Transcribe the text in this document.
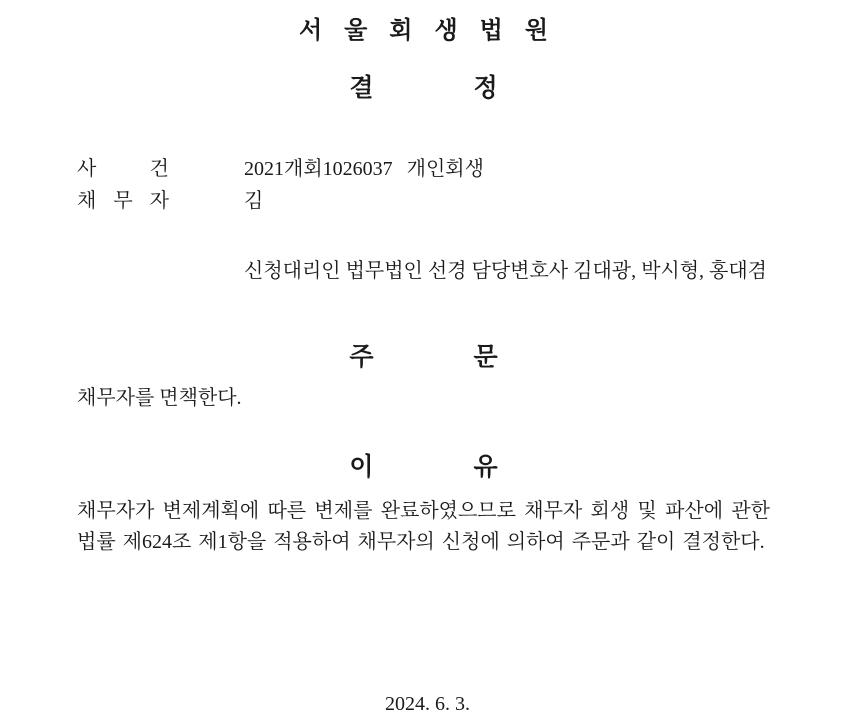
서울회생법원
결정
사 건	2021개회1026037 개인회생
채 무 자	김
신청대리인 법무법인 선경 담당변호사 김대광, 박시형, 홍대겸
주문
채무자를 면책한다.
이유
채무자가 변제계획에 따른 변제를 완료하였으므로 채무자 회생 및 파산에 관한 법률 제624조 제1항을 적용하여 채무자의 신청에 의하여 주문과 같이 결정한다.
2024. 6. 3.
